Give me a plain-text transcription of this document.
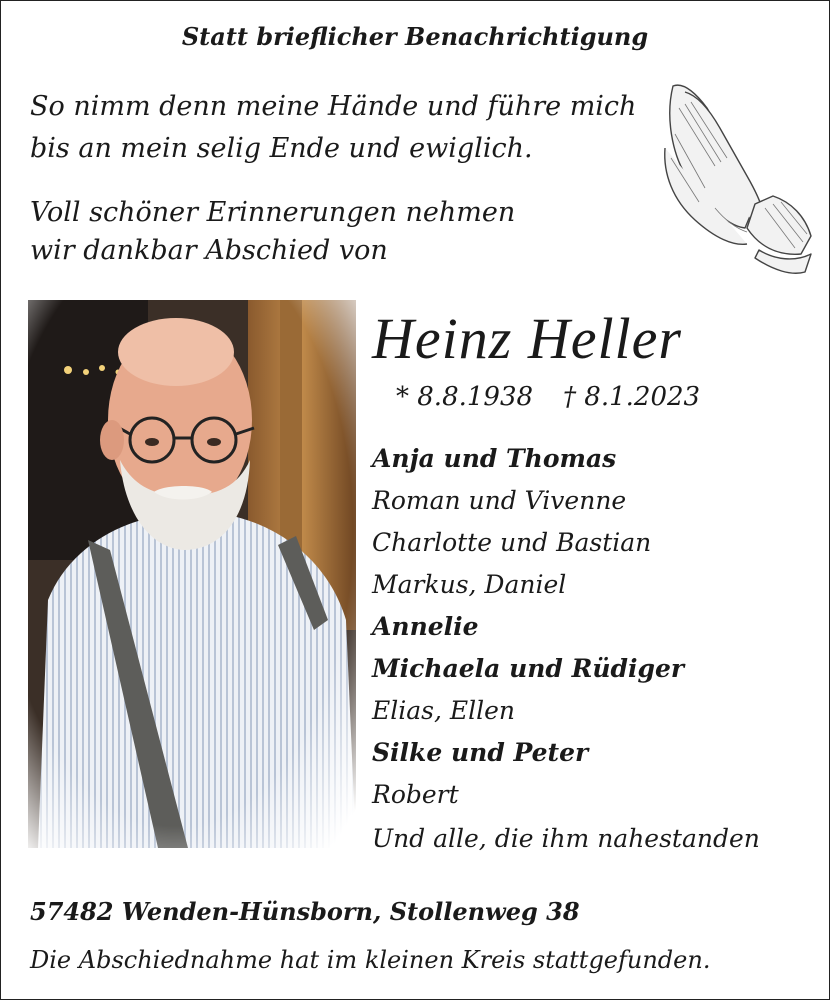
Statt brieflicher Benachrichtigung
So nimm denn meine Hände und führe mich
bis an mein selig Ende und ewiglich.
Voll schöner Erinnerungen nehmen
wir dankbar Abschied von
Heinz Heller
* 8.8.1938 † 8.1.2023
Anja und Thomas
Roman und Vivenne
Charlotte und Bastian
Markus, Daniel
Annelie
Michaela und Rüdiger
Elias, Ellen
Silke und Peter
Robert
Und alle, die ihm nahestanden
57482 Wenden-Hünsborn, Stollenweg 38
Die Abschiednahme hat im kleinen Kreis stattgefunden.
